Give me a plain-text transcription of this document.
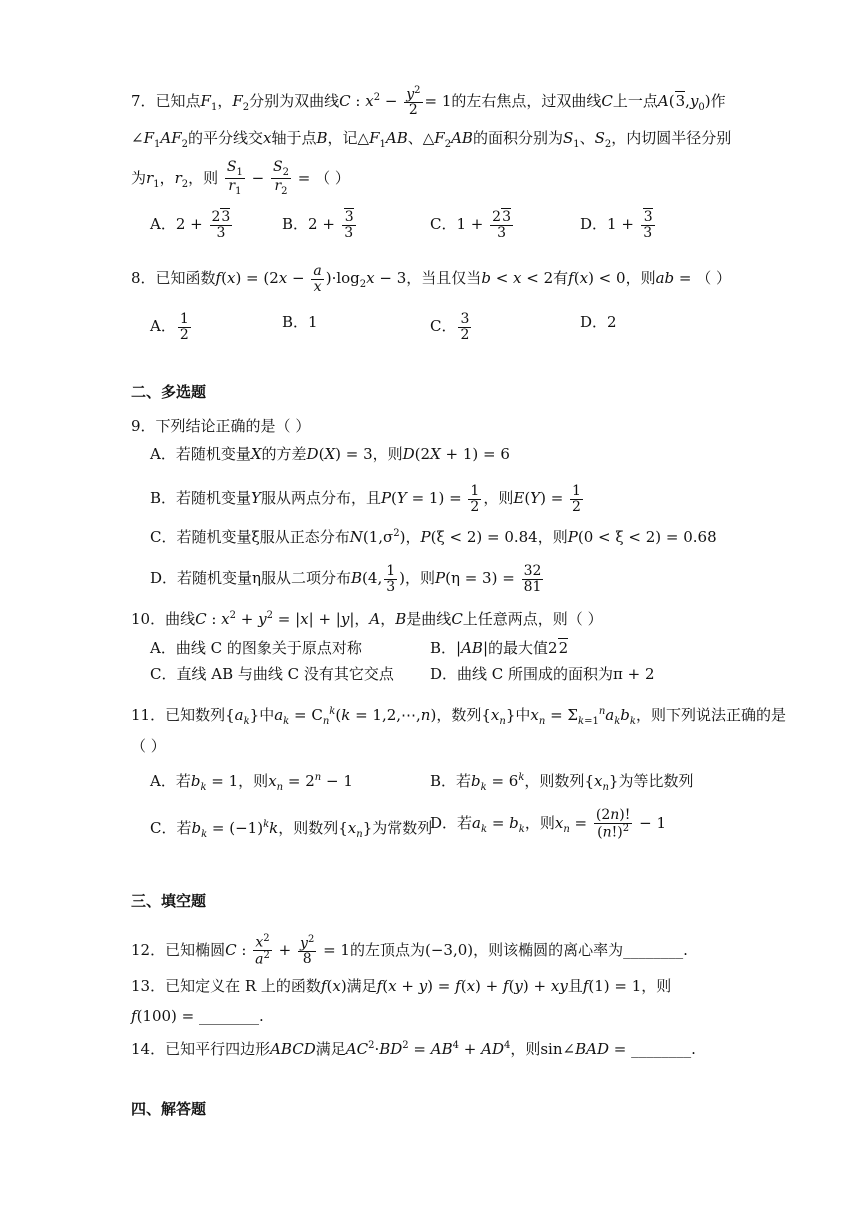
7．已知点$F_1$，$F_2$分别为双曲线C : $x^2 - \frac{y^2}{2} = 1$的左右焦点，过双曲线C上一点$A(3,y_0)$作
$\angle F_1AF_2$的平分线交x轴于点B，记$\triangle F_1AB$、$\triangle F_2AB$的面积分别为$S_1$、$S_2$，内切圆半径分别
为$r_1$，$r_2$，则 $\frac{S_1}{r_1} - \frac{S_2}{r_2}$ = （ ）
A．$2 + \frac{23}{3}$	B．$2 + \frac{3}{3}$	C．$1 + \frac{23}{3}$	D．$1 + \frac{3}{3}$
8．已知函数$f(x) = (2x - \frac{a}{x} )\cdot\log_2x - 3$，当且仅当b < x < 2有f(x) < 0，则ab = （ ）
A． $\frac{1}{2}$	B．1	C． $\frac{3}{2}$	D．2
二、多选题
9．下列结论正确的是（ ）
A．若随机变量X的方差D(X) = 3，则D(2X + 1) = 6
B．若随机变量Y服从两点分布，且$P(Y = 1) = \frac{1}{2}$ ，则$E(Y) = \frac{1}{2}$
C．若随机变量ξ服从正态分布$N(1,\sigma^2)$，P(ξ < 2) = 0.84，则P(0 < ξ < 2) = 0.68
D．若随机变量η服从二项分布B(4, $\frac{1}{3}$ )，则$P(\eta = 3) = \frac{32}{81}$
10．曲线C : $x^2 + y^2 = |x| + |y|$，A，B是曲线C上任意两点，则（ ）
A．曲线 C 的图象关于原点对称	B．|AB|的最大值22
C．直线 AB 与曲线 C 没有其它交点 D．曲线 C 所围成的面积为π + 2
11．已知数列$\{a_k\}$中$a_k = C_n^k(k$ = 1,2,⋯,n)，数列$\{x_n\}$中$x_n = \Sigma_{k=1}^na_kb_k$，则下列说法正确的是
（ ）
A．若$b_k = 1$，则$x_n = 2^n - 1$	B．若$b_k = 6^k$，则数列$\{x_n\}$为等比数列
C．若$b_k = (-1)^kk$，则数列$\{x_n\}$为常数列
D．若$a_k = b_k$，则$x_n = \frac{(2n)!}{(n!)^2} - 1$
三、填空题
12．已知椭圆C : $\frac{x^2}{a^2} + \frac{y^2}{8} = 1$的左顶点为(−3,0)，则该椭圆的离心率为________.
13．已知定义在 R 上的函数f(x)满足f(x + y) = f(x) + f(y) + xy且f(1) = 1，则
f(100) = ________.
14．已知平行四边形ABCD满足$AC^2\cdot BD^2 = AB^4 + AD^4$，则sin∠BAD = ________.
四、解答题
